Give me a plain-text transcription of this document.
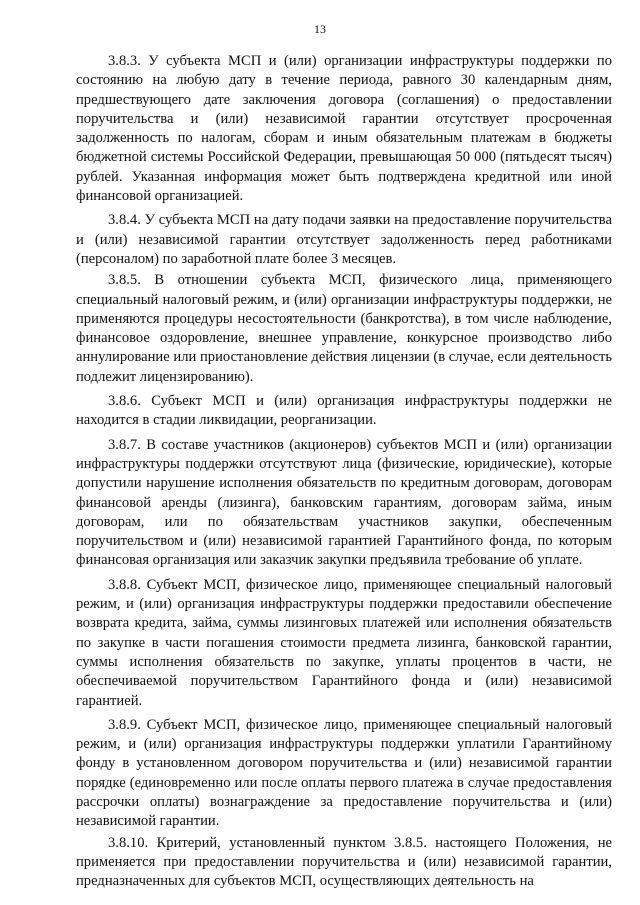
13

3.8.3. У субъекта МСП и (или) организации инфраструктуры поддержки по состоянию на любую дату в течение периода, равного 30 календарным дням, предшествующего дате заключения договора (соглашения) о предоставлении поручительства и (или) независимой гарантии отсутствует просроченная задолженность по налогам, сборам и иным обязательным платежам в бюджеты бюджетной системы Российской Федерации, превышающая 50 000 (пятьдесят тысяч) рублей. Указанная информация может быть подтверждена кредитной или иной финансовой организацией.

3.8.4. У субъекта МСП на дату подачи заявки на предоставление поручительства и (или) независимой гарантии отсутствует задолженность перед работниками (персоналом) по заработной плате более 3 месяцев.

3.8.5. В отношении субъекта МСП, физического лица, применяющего специальный налоговый режим, и (или) организации инфраструктуры поддержки, не применяются процедуры несостоятельности (банкротства), в том числе наблюдение, финансовое оздоровление, внешнее управление, конкурсное производство либо аннулирование или приостановление действия лицензии (в случае, если деятельность подлежит лицензированию).

3.8.6. Субъект МСП и (или) организация инфраструктуры поддержки не находится в стадии ликвидации, реорганизации.

3.8.7. В составе участников (акционеров) субъектов МСП и (или) организации инфраструктуры поддержки отсутствуют лица (физические, юридические), которые допустили нарушение исполнения обязательств по кредитным договорам, договорам финансовой аренды (лизинга), банковским гарантиям, договорам займа, иным договорам, или по обязательствам участников закупки, обеспеченным поручительством и (или) независимой гарантией Гарантийного фонда, по которым финансовая организация или заказчик закупки предъявила требование об уплате.

3.8.8. Субъект МСП, физическое лицо, применяющее специальный налоговый режим, и (или) организация инфраструктуры поддержки предоставили обеспечение возврата кредита, займа, суммы лизинговых платежей или исполнения обязательств по закупке в части погашения стоимости предмета лизинга, банковской гарантии, суммы исполнения обязательств по закупке, уплаты процентов в части, не обеспечиваемой поручительством Гарантийного фонда и (или) независимой гарантией.

3.8.9. Субъект МСП, физическое лицо, применяющее специальный налоговый режим, и (или) организация инфраструктуры поддержки уплатили Гарантийному фонду в установленном договором поручительства и (или) независимой гарантии порядке (единовременно или после оплаты первого платежа в случае предоставления рассрочки оплаты) вознаграждение за предоставление поручительства и (или) независимой гарантии.

3.8.10. Критерий, установленный пунктом 3.8.5. настоящего Положения, не применяется при предоставлении поручительства и (или) независимой гарантии, предназначенных для субъектов МСП, осуществляющих деятельность на
